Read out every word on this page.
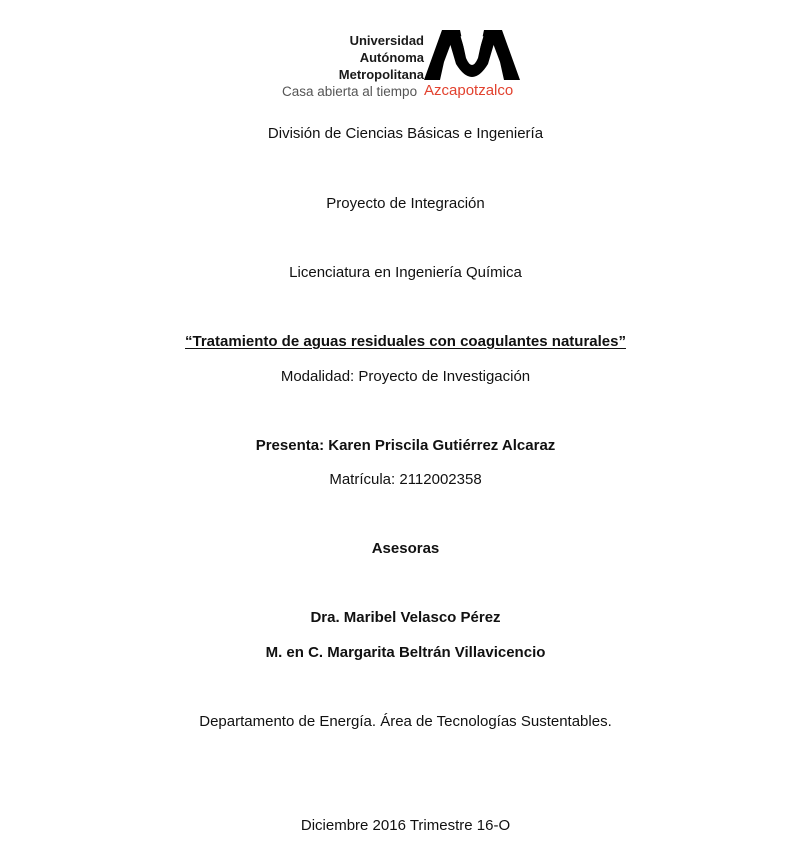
Universidad
Autónoma
Metropolitana
Casa abierta al tiempo Azcapotzalco
División de Ciencias Básicas e Ingeniería
Proyecto de Integración
Licenciatura en Ingeniería Química
“Tratamiento de aguas residuales con coagulantes naturales”
Modalidad: Proyecto de Investigación
Presenta: Karen Priscila Gutiérrez Alcaraz
Matrícula: 2112002358
Asesoras
Dra. Maribel Velasco Pérez
M. en C. Margarita Beltrán Villavicencio
Departamento de Energía. Área de Tecnologías Sustentables.
Diciembre 2016 Trimestre 16-O
